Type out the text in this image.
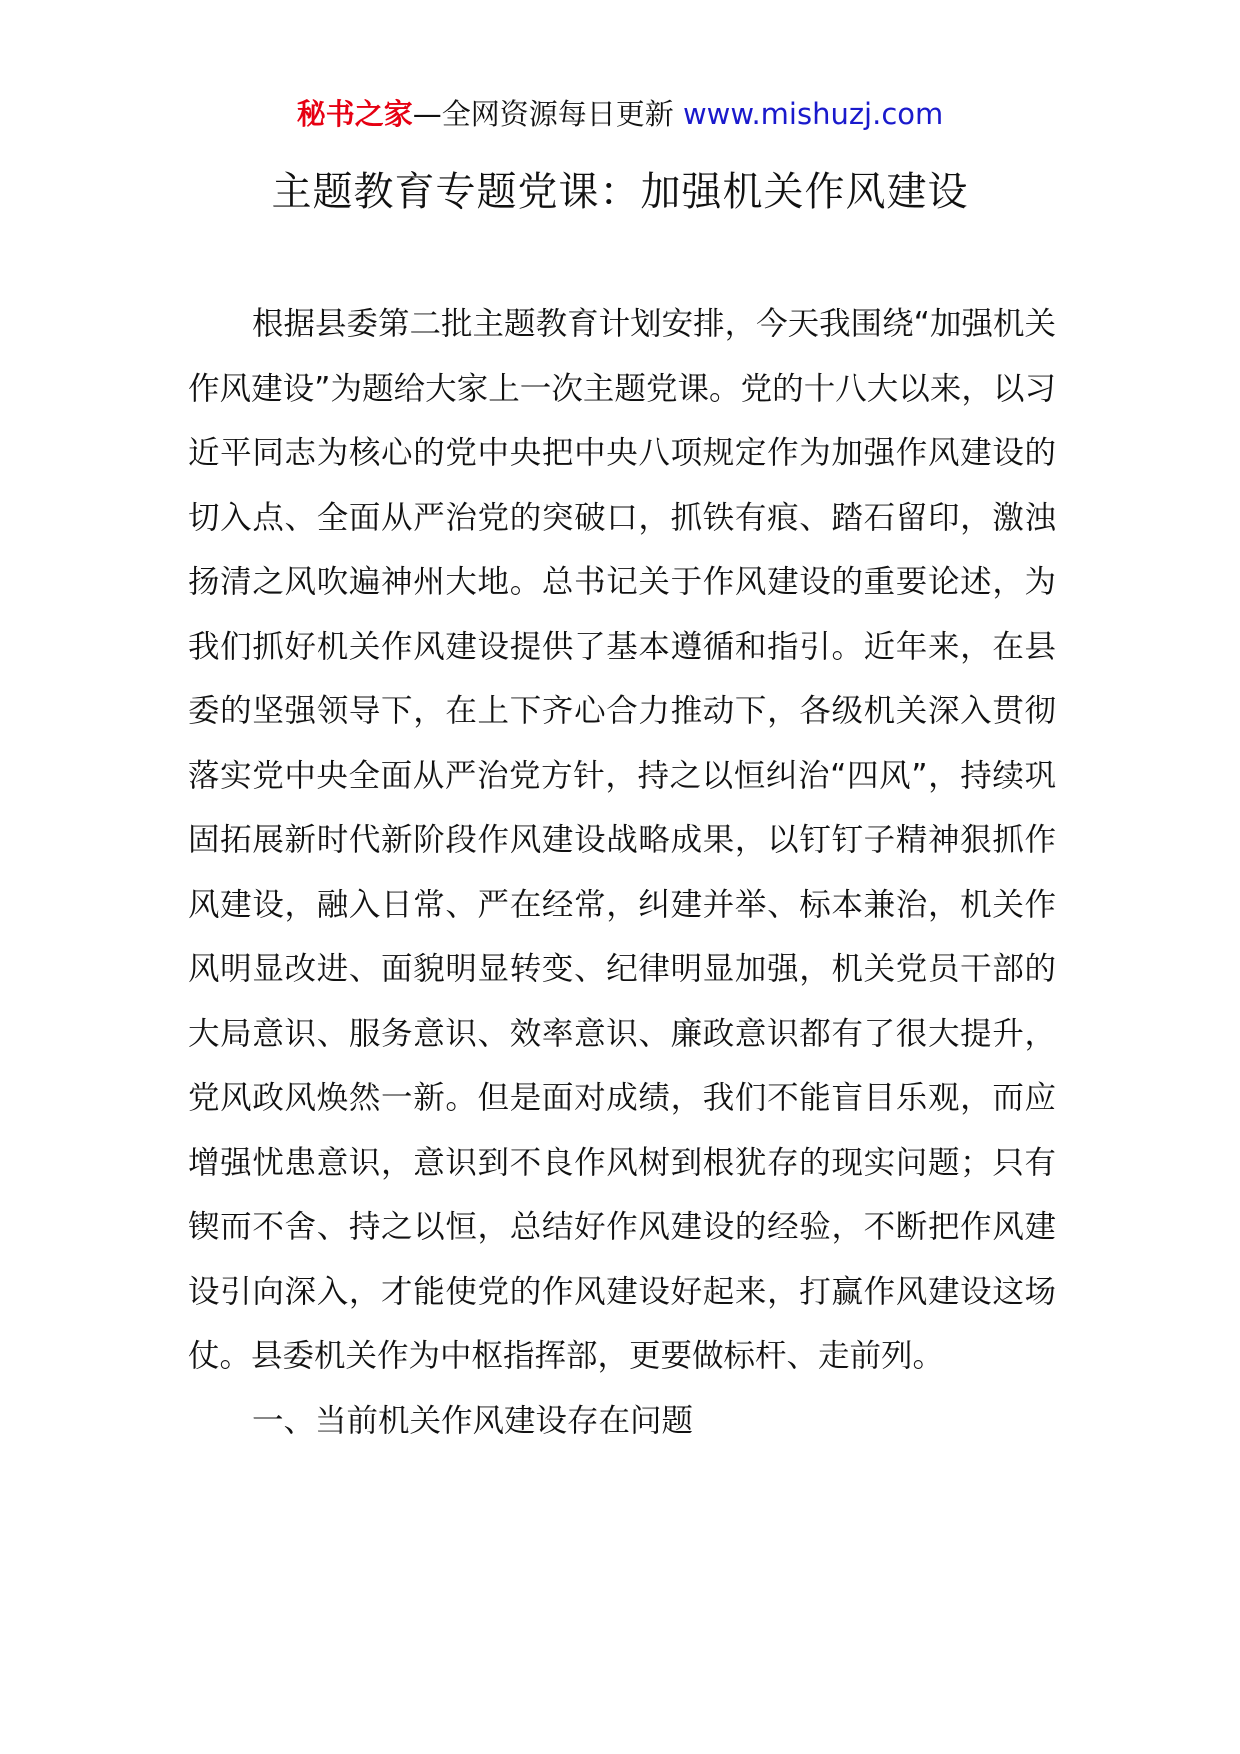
秘书之家—全网资源每日更新 www.mishuzj.com
主题教育专题党课：加强机关作风建设

根据县委第二批主题教育计划安排，今天我围绕“加强机关作风建设”为题给大家上一次主题党课。党的十八大以来，以习近平同志为核心的党中央把中央八项规定作为加强作风建设的切入点、全面从严治党的突破口，抓铁有痕、踏石留印，激浊扬清之风吹遍神州大地。总书记关于作风建设的重要论述，为我们抓好机关作风建设提供了基本遵循和指引。近年来，在县委的坚强领导下，在上下齐心合力推动下，各级机关深入贯彻落实党中央全面从严治党方针，持之以恒纠治“四风”，持续巩固拓展新时代新阶段作风建设战略成果，以钉钉子精神狠抓作风建设，融入日常、严在经常，纠建并举、标本兼治，机关作风明显改进、面貌明显转变、纪律明显加强，机关党员干部的大局意识、服务意识、效率意识、廉政意识都有了很大提升，党风政风焕然一新。但是面对成绩，我们不能盲目乐观，而应增强忧患意识，意识到不良作风树到根犹存的现实问题；只有锲而不舍、持之以恒，总结好作风建设的经验，不断把作风建设引向深入，才能使党的作风建设好起来，打赢作风建设这场仗。县委机关作为中枢指挥部，更要做标杆、走前列。

一、当前机关作风建设存在问题
